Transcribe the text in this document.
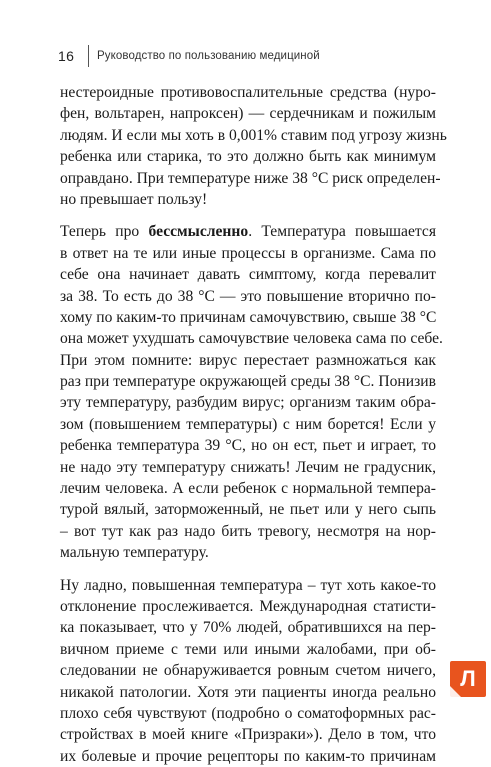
16	Руководство по пользованию медициной
нестероидные противовоспалительные средства (нуро-
фен, вольтарен, напроксен) — сердечникам и пожилым
людям. И если мы хоть в 0,001% ставим под угрозу жизнь
ребенка или старика, то это должно быть как минимум
оправдано. При температуре ниже 38 °С риск определен-
но превышает пользу!
Теперь про бессмысленно. Температура повышается
в ответ на те или иные процессы в организме. Сама по
себе она начинает давать симптому, когда перевалит
за 38. То есть до 38 °С — это повышение вторично по-
хому по каким-то причинам самочувствию, свыше 38 °С
она может ухудшать самочувствие человека сама по себе.
При этом помните: вирус перестает размножаться как
раз при температуре окружающей среды 38 °С. Понизив
эту температуру, разбудим вирус; организм таким обра-
зом (повышением температуры) с ним борется! Если у
ребенка температура 39 °С, но он ест, пьет и играет, то
не надо эту температуру снижать! Лечим не градусник,
лечим человека. А если ребенок с нормальной темпера-
турой вялый, заторможенный, не пьет или у него сыпь
– вот тут как раз надо бить тревогу, несмотря на нор-
мальную температуру.
Ну ладно, повышенная температура – тут хоть какое-то
отклонение прослеживается. Международная статисти-
ка показывает, что у 70% людей, обратившихся на пер-
вичном приеме с теми или иными жалобами, при об-
следовании не обнаруживается ровным счетом ничего,
никакой патологии. Хотя эти пациенты иногда реально
плохо себя чувствуют (подробно о соматоформных рас-
стройствах в моей книге «Призраки»). Дело в том, что
их болевые и прочие рецепторы по каким-то причинам
Л
